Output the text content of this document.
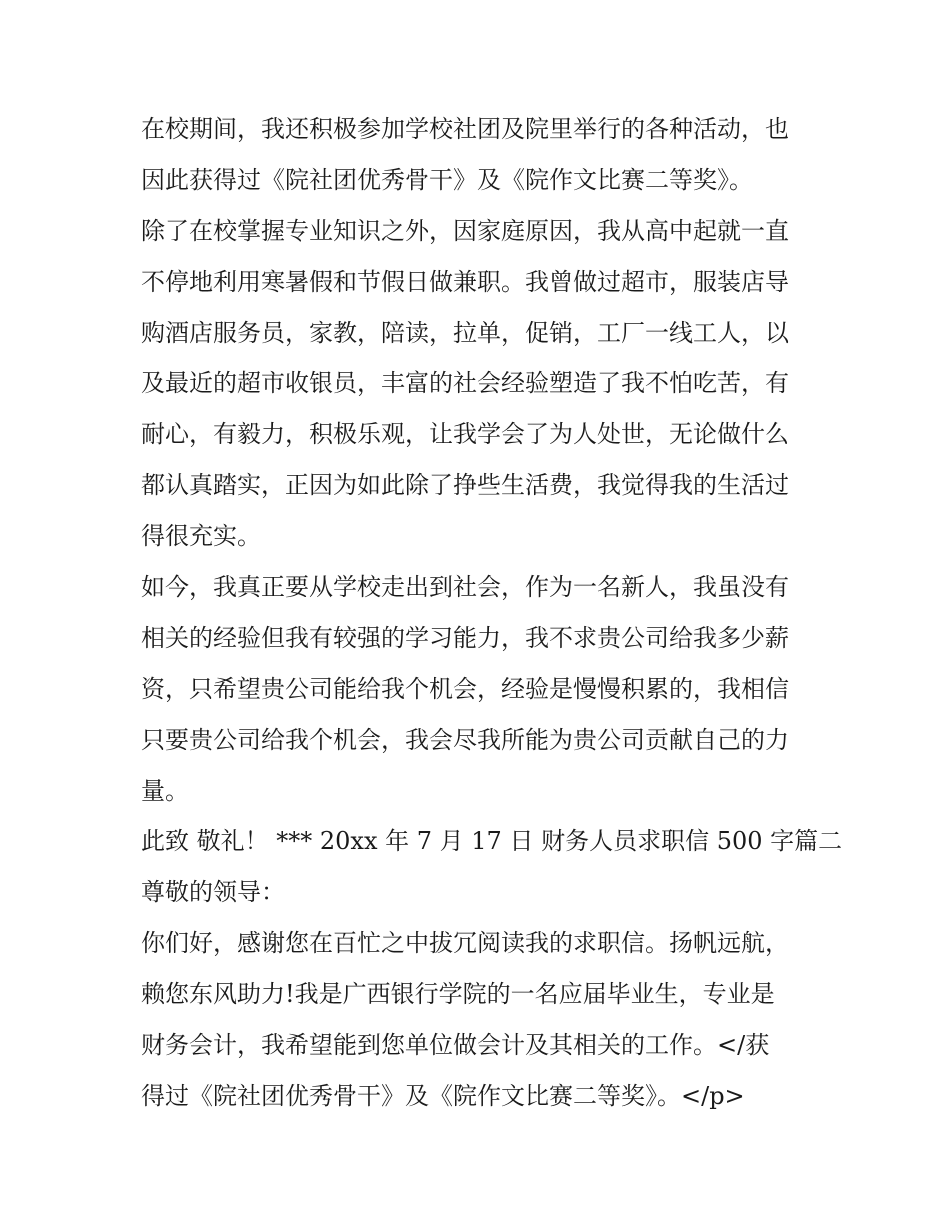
在校期间，我还积极参加学校社团及院里举行的各种活动，也
因此获得过《院社团优秀骨干》及《院作文比赛二等奖》。
除了在校掌握专业知识之外，因家庭原因，我从高中起就一直
不停地利用寒暑假和节假日做兼职。我曾做过超市，服装店导
购酒店服务员，家教，陪读，拉单，促销，工厂一线工人，以
及最近的超市收银员，丰富的社会经验塑造了我不怕吃苦，有
耐心，有毅力，积极乐观，让我学会了为人处世，无论做什么
都认真踏实，正因为如此除了挣些生活费，我觉得我的生活过
得很充实。
如今，我真正要从学校走出到社会，作为一名新人，我虽没有
相关的经验但我有较强的学习能力，我不求贵公司给我多少薪
资，只希望贵公司能给我个机会，经验是慢慢积累的，我相信
只要贵公司给我个机会，我会尽我所能为贵公司贡献自己的力
量。
此致 敬礼！ *** 20xx 年 7 月 17 日 财务人员求职信 500 字篇二
尊敬的领导：
你们好，感谢您在百忙之中拔冗阅读我的求职信。扬帆远航，
赖您东风助力!我是广西银行学院的一名应届毕业生，专业是
财务会计，我希望能到您单位做会计及其相关的工作。</获
得过《院社团优秀骨干》及《院作文比赛二等奖》。</p>
